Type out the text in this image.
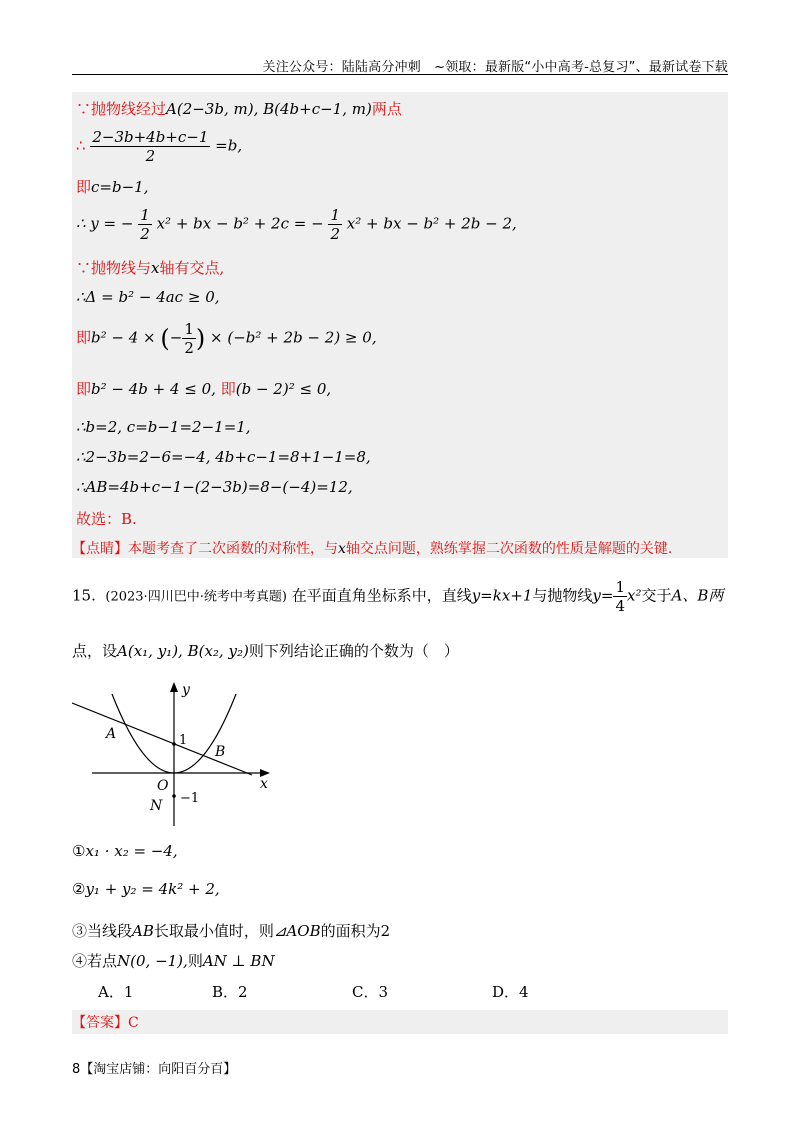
关注公众号：陆陆高分冲刺　~领取：最新版“小中高考-总复习”、最新试卷下载
∵抛物线经过A(2−3b, m), B(4b+c−1, m)两点
∴ $\frac{2-3b+4b+c-1}{2} =b$,
即c=b−1,
∴ y = − $\frac{1}{2} x^2$ + bx − b² + 2c = − $\frac{1}{2} x^2$ + bx − b² + 2b − 2,
∵抛物线与x轴有交点,
∴Δ = b² − 4ac ≥ 0,
即b² − 4 × (− $\frac{1}{2}$ ) × (−b² + 2b − 2) ≥ 0,
即b² − 4b + 4 ≤ 0, 即(b − 2)² ≤ 0,
∴b=2, c=b−1=2−1=1,
∴2−3b=2−6=−4, 4b+c−1=8+1−1=8,
∴AB=4b+c−1−(2−3b)=8−(−4)=12,
故选：B.
【点睛】本题考查了二次函数的对称性，与x轴交点问题，熟练掌握二次函数的性质是解题的关键.
15. (2023·四川巴中·统考中考真题) 在平面直角坐标系中，直线y=kx+1与抛物线$y= \frac{1}{4} x^2$交于A、B两
点，设A(x₁, y₁), B(x₂, y₂)则下列结论正确的个数为（　）
y
x
O
A
B
N
1
−1
①x₁ · x₂ = −4,
②y₁ + y₂ = 4k² + 2,
③当线段AB长取最小值时，则⊿AOB的面积为2
④若点N(0, −1),则AN ⊥ BN
A．1	B．2	C．3	D．4
【答案】C
8【淘宝店铺：向阳百分百】
